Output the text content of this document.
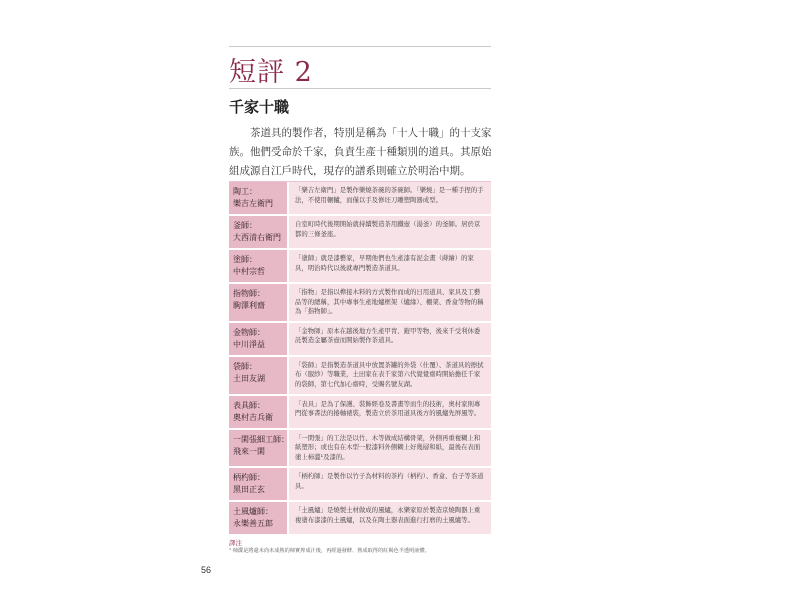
短評 2
千家十職
茶道具的製作者，特別是稱為「十人十職」的十支家族。他們受命於千家，負責生產十種類別的道具。其原始組成源自江戶時代，現存的譜系則確立於明治中期。
陶工：
樂吉左衛門
「樂吉左衛門」是製作樂燒茶碗的茶碗師。「樂燒」是一種手捏的手法，不使用輾轤，而僅以手及修坯刀雕塑陶器成型。
釜師：
大西清右衛門
自室町時代後期開始就持續製造茶用鐵壺（湯釜）的釜師。居於京都的三條釜座。
塗師：
中村宗哲
「塗師」就是漆藝家，早期他們也生產漆有泥金畫（蒔繪）的家具，明治時代以後就專門製造茶道具。
指物師：
駒澤利齋
「指物」是指以榫接木料的方式製作而成的日用道具、家具及工藝品等的總稱，其中專事生產地爐框架（爐緣）、棚架、香盒等物的稱為「指物師」。
金物師：
中川淨益
「金物師」原本在越後地方生產甲冑、鎧甲等物，後來千受利休委託製造金屬茶壺而開始製作茶道具。
袋師：
土田友湖
「袋師」是指製造茶道具中放置茶罐的外袋（仕覆）、茶道具的擦拭布（服紗）等職業，土田家在表千家第六代覺覺齋時開始擔任千家的袋師，第七代加心齋時，受賜名號友湖。
表具師：
奧村吉兵衛
「表具」是為了保護、裝飾經卷及書畫等而生的技術，奧村家則專門從事書法的捲軸裱裝，製造立於茶用道具後方的風爐先屏風等。
一閑張細工師：
飛來一閑
「一閑張」的工法是以竹、木等做成結構骨架，外側再重複糊上和紙塑形；或也有在木型一般漆料外側糊上好幾層和紙，最後在表面塗上柿澀¹及漆的。
柄杓師：
黑田正玄
「柄杓師」是製作以竹子為材料的茶杓（柄杓）、香盒、台子等茶道具。
土風爐師：
永樂善五郎
「土風爐」是燒製土材做成的風爐，永樂家原於製造京燒陶器上重複塗布漆漆的土風爐，以及在陶土器表面進行打磨的土風爐等。
譯注
¹ 柿澀是將還未尚未成熟的柿實搾成汁後，再經過發酵、熟成取得的紅褐色半透明液體。
56
